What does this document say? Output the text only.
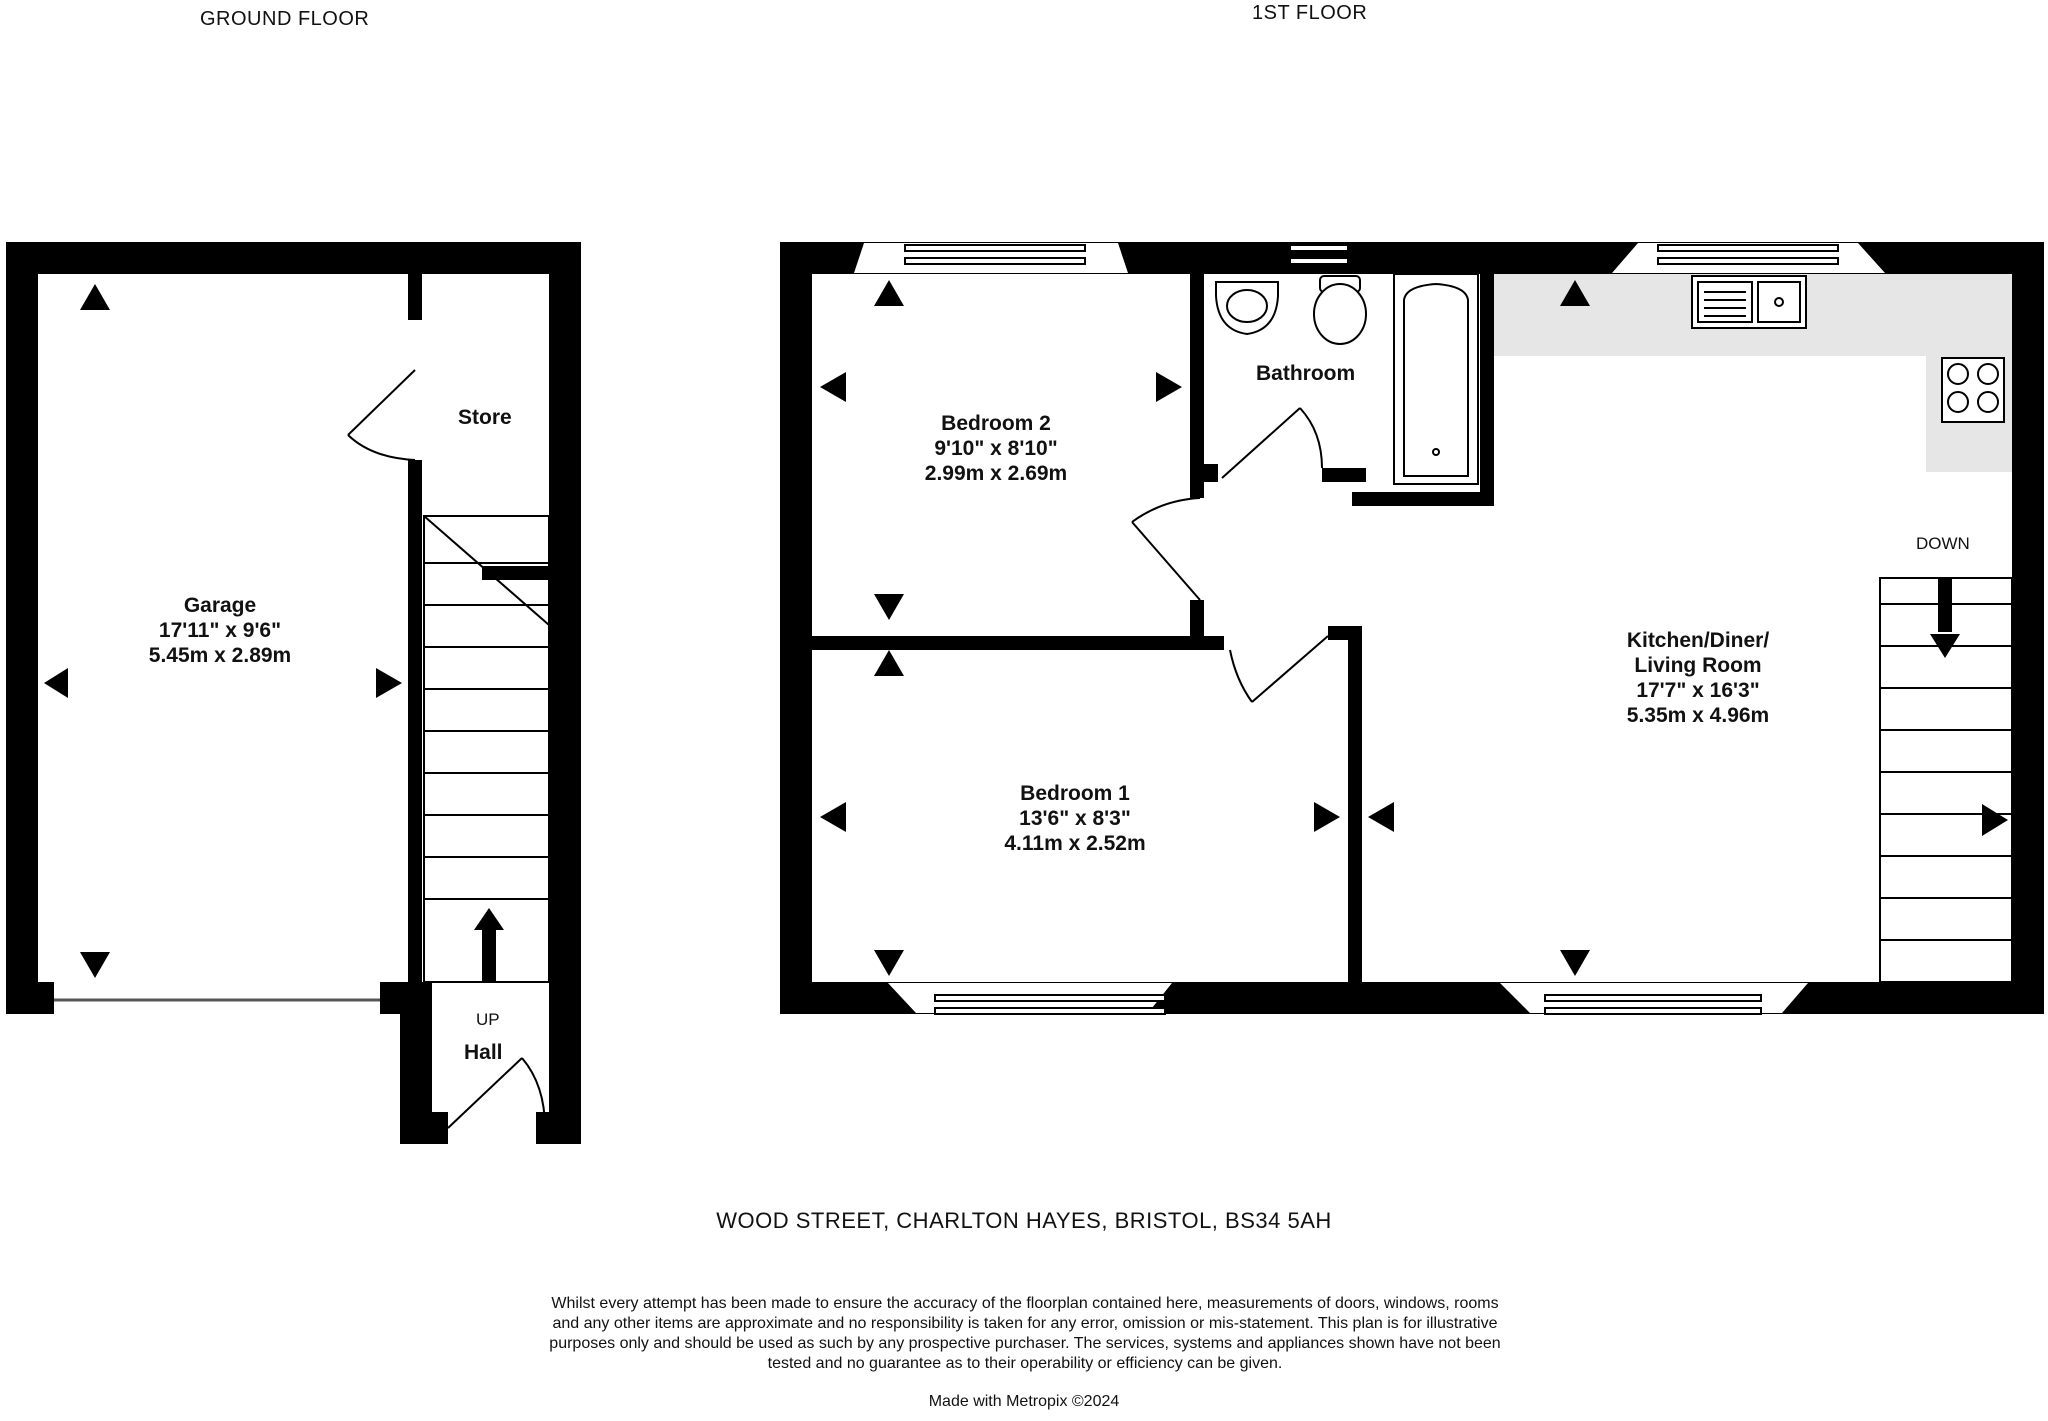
GROUND FLOOR	1ST FLOOR
Garage
17'11" x 9'6"
5.45m x 2.89m
Store
UP
Hall
Bedroom 2
9'10" x 8'10"
2.99m x 2.69m
Bathroom
Bedroom 1
13'6" x 8'3"
4.11m x 2.52m
DOWN
Kitchen/Diner/
Living Room
17'7" x 16'3"
5.35m x 4.96m
WOOD STREET, CHARLTON HAYES, BRISTOL, BS34 5AH
Whilst every attempt has been made to ensure the accuracy of the floorplan contained here, measurements of doors, windows, rooms and any other items are approximate and no responsibility is taken for any error, omission or mis-statement. This plan is for illustrative purposes only and should be used as such by any prospective purchaser. The services, systems and appliances shown have not been tested and no guarantee as to their operability or efficiency can be given.
Made with Metropix ©2024
